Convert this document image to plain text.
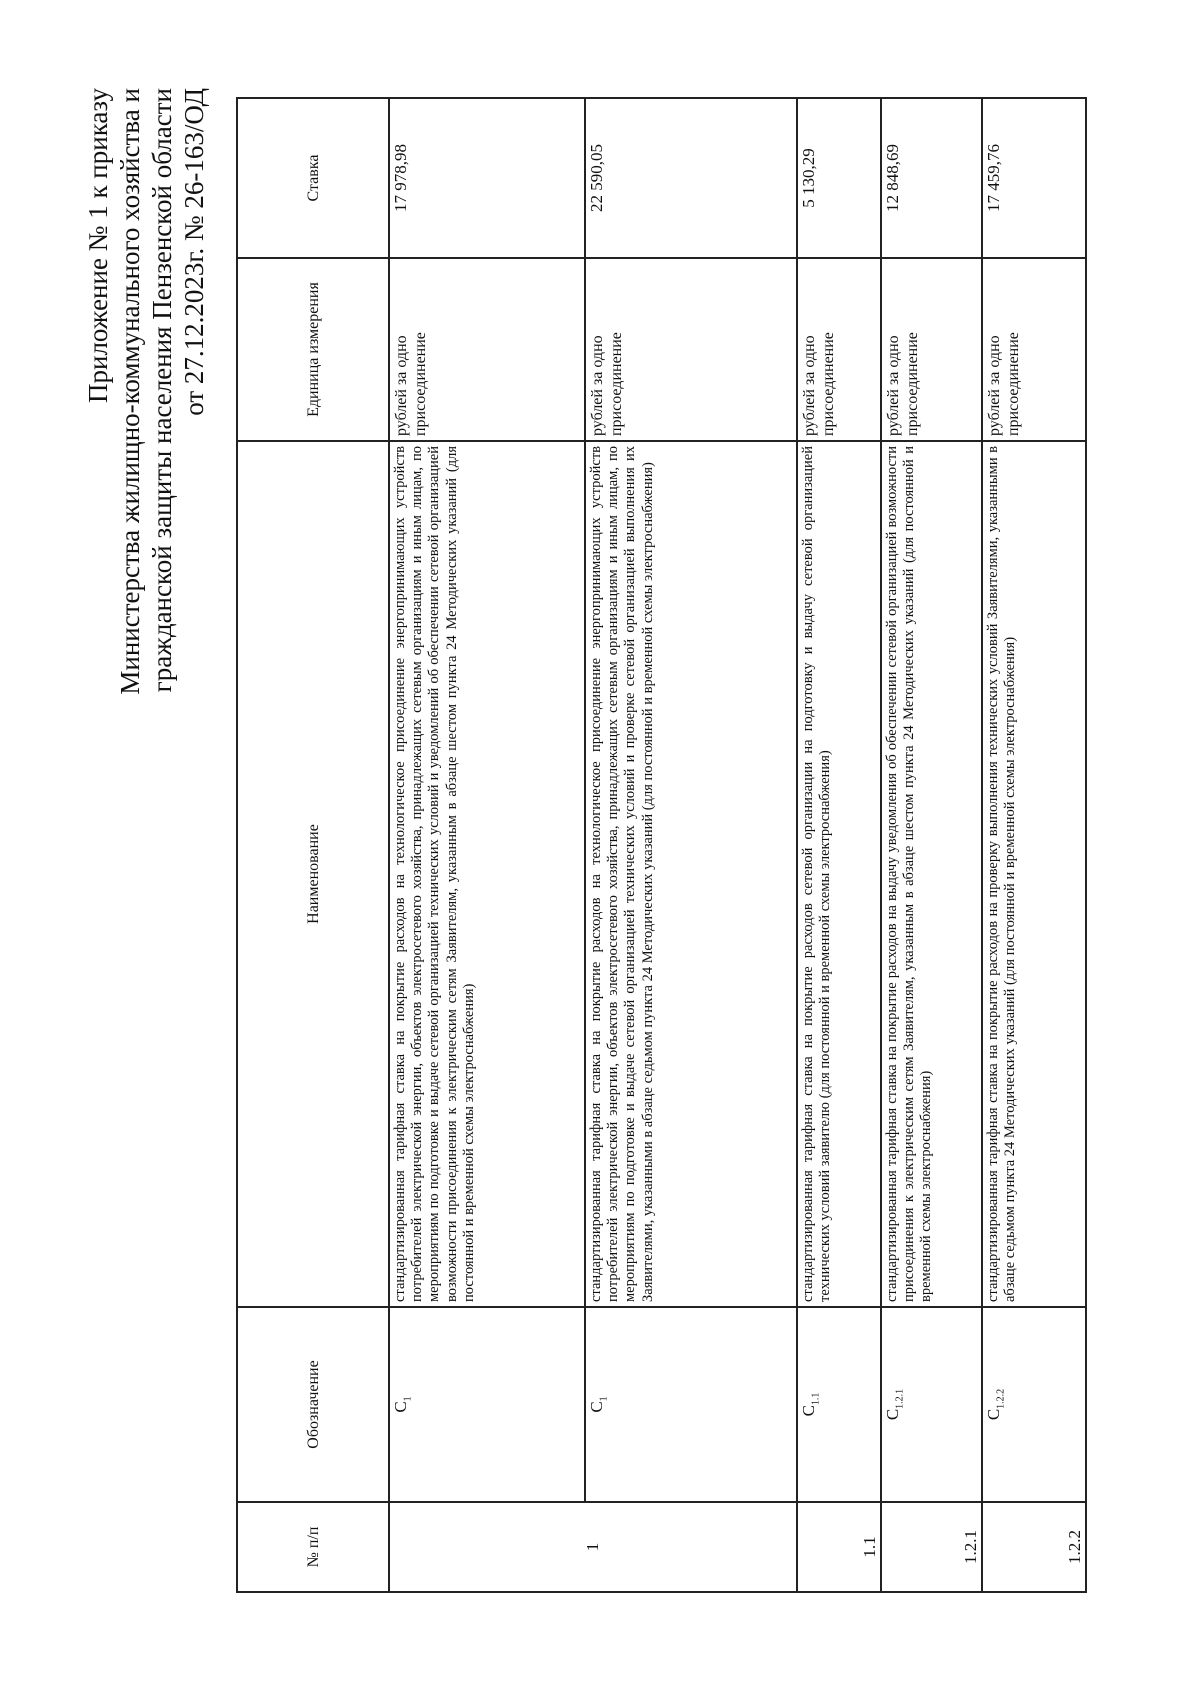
Приложение № 1 к приказу Министерства жилищно-коммунального хозяйства и гражданской защиты населения Пензенской области от 27.12.2023г. № 26-163/ОД
№ п/п	Обозначение	Наименование	Единица измерения	Ставка
1	$C_1$	стандартизированная тарифная ставка на покрытие расходов на технологическое присоединение энергопринимающих устройств потребителей электрической энергии, объектов электросетевого хозяйства, принадлежащих сетевым организациям и иным лицам, по мероприятиям по подготовке и выдаче сетевой организацией технических условий и уведомлений об обеспечении сетевой организацией возможности присоединения к электрическим сетям Заявителям, указанным в абзаце шестом пункта 24 Методических указаний (для постоянной и временной схемы электроснабжения)	рублей за одно присоединение	17 978,98
	$C_1$	стандартизированная тарифная ставка на покрытие расходов на технологическое присоединение энергопринимающих устройств потребителей электрической энергии, объектов электросетевого хозяйства, принадлежащих сетевым организациям и иным лицам, по мероприятиям по подготовке и выдаче сетевой организацией технических условий и проверке сетевой организацией выполнения их Заявителями, указанными в абзаце седьмом пункта 24 Методических указаний (для постоянной и временной схемы электроснабжения)	рублей за одно присоединение	22 590,05
1.1	$C_{1.1}$	стандартизированная тарифная ставка на покрытие расходов сетевой организации на подготовку и выдачу сетевой организацией технических условий заявителю (для постоянной и временной схемы электроснабжения)	рублей за одно присоединение	5 130,29
1.2.1	$C_{1.2.1}$	стандартизированная тарифная ставка на покрытие расходов на выдачу уведомления об обеспечении сетевой организацией возможности присоединения к электрическим сетям Заявителям, указанным в абзаце шестом пункта 24 Методических указаний (для постоянной и временной схемы электроснабжения)	рублей за одно присоединение	12 848,69
1.2.2	$C_{1.2.2}$	стандартизированная тарифная ставка на покрытие расходов на проверку выполнения технических условий Заявителями, указанными в абзаце седьмом пункта 24 Методических указаний (для постоянной и временной схемы электроснабжения)	рублей за одно присоединение	17 459,76
